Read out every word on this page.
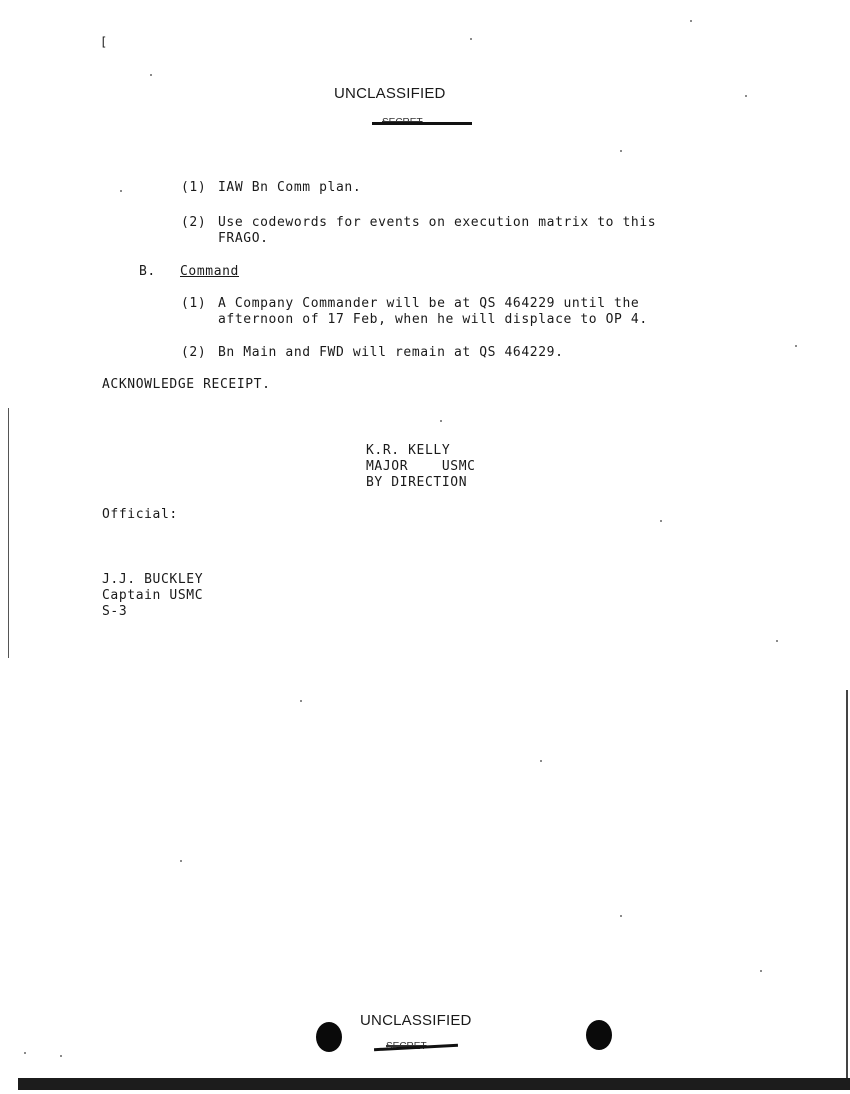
[
UNCLASSIFIED
(1) IAW Bn Comm plan.
(2) Use codewords for events on execution matrix to this
FRAGO.
B. Command
(1) A Company Commander will be at QS 464229 until the
afternoon of 17 Feb, when he will displace to OP 4.
(2) Bn Main and FWD will remain at QS 464229.
ACKNOWLEDGE RECEIPT.
K.R. KELLY
MAJOR    USMC
BY DIRECTION
Official:
J.J. BUCKLEY
Captain USMC
S-3
UNCLASSIFIED
